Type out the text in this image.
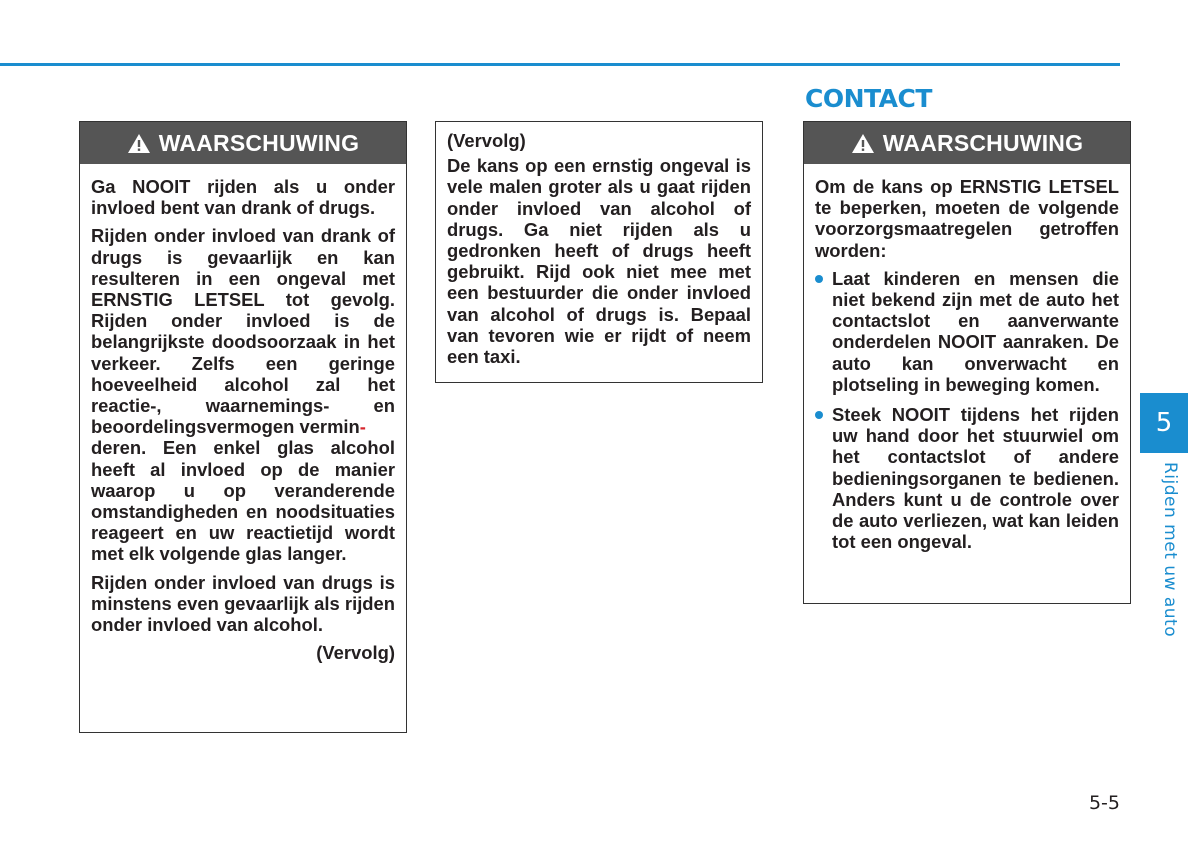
CONTACT
WAARSCHUWING

Ga NOOIT rijden als u onder invloed bent van drank of drugs.

Rijden onder invloed van drank of drugs is gevaarlijk en kan resulteren in een ongeval met ERNSTIG LETSEL tot gevolg. Rijden onder invloed is de belangrijkste doodsoorzaak in het verkeer. Zelfs een geringe hoeveelheid alcohol zal het reactie-, waarnemings- en beoordelingsvermogen vermin-

deren. Een enkel glas alcohol heeft al invloed op de manier waarop u op veranderende omstandigheden en noodsituaties reageert en uw reactietijd wordt met elk volgende glas langer.

Rijden onder invloed van drugs is minstens even gevaarlijk als rijden onder invloed van alcohol.

(Vervolg)

(Vervolg)

De kans op een ernstig ongeval is vele malen groter als u gaat rijden onder invloed van alcohol of drugs. Ga niet rijden als u gedronken heeft of drugs heeft gebruikt. Rijd ook niet mee met een bestuurder die onder invloed van alcohol of drugs is. Bepaal van tevoren wie er rijdt of neem een taxi.

WAARSCHUWING

Om de kans op ERNSTIG LETSEL te beperken, moeten de volgende voorzorgsmaatregelen getroffen worden:

Laat kinderen en mensen die niet bekend zijn met de auto het contactslot en aanverwante onderdelen NOOIT aanraken. De auto kan onverwacht en plotseling in beweging komen.
Steek NOOIT tijdens het rijden uw hand door het stuurwiel om het contactslot of andere bedieningsorganen te bedienen. Anders kunt u de controle over de auto verliezen, wat kan leiden tot een ongeval.
5
Rijden met uw auto
5-5
